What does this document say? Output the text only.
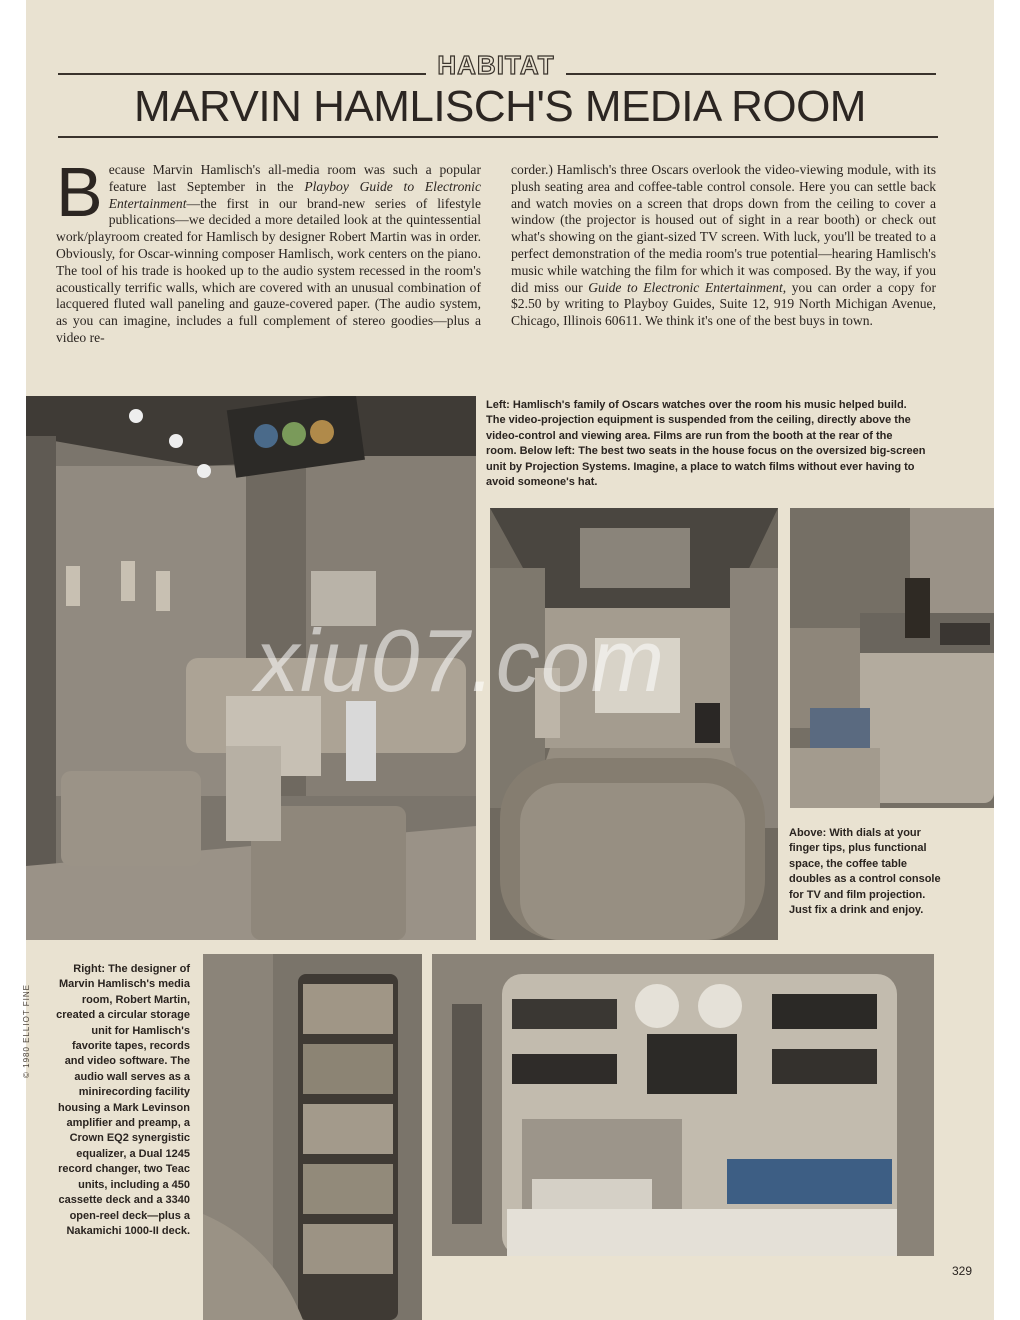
HABITAT
MARVIN HAMLISCH'S MEDIA ROOM

Because Marvin Hamlisch's all-media room was such a popular feature last September in the Playboy Guide to Electronic Entertainment—the first in our brand-new series of lifestyle publications—we decided a more detailed look at the quintessential work/playroom created for Hamlisch by designer Robert Martin was in order. Obviously, for Oscar-winning composer Hamlisch, work centers on the piano. The tool of his trade is hooked up to the audio system recessed in the room's acoustically terrific walls, which are covered with an unusual combination of lacquered fluted wall paneling and gauze-covered paper. (The audio system, as you can imagine, includes a full complement of stereo goodies—plus a video re-

corder.) Hamlisch's three Oscars overlook the video-viewing module, with its plush seating area and coffee-table control console. Here you can settle back and watch movies on a screen that drops down from the ceiling to cover a window (the projector is housed out of sight in a rear booth) or check out what's showing on the giant-sized TV screen. With luck, you'll be treated to a perfect demonstration of the media room's true potential—hearing Hamlisch's music while watching the film for which it was composed. By the way, if you did miss our Guide to Electronic Entertainment, you can order a copy for $2.50 by writing to Playboy Guides, Suite 12, 919 North Michigan Avenue, Chicago, Illinois 60611. We think it's one of the best buys in town.

Left: Hamlisch's family of Oscars watches over the room his music helped build. The video-projection equipment is suspended from the ceiling, directly above the video-control and viewing area. Films are run from the booth at the rear of the room. Below left: The best two seats in the house focus on the oversized big-screen unit by Projection Systems. Imagine, a place to watch films without ever having to avoid someone's hat.

Above: With dials at your finger tips, plus functional space, the coffee table doubles as a control console for TV and film projection. Just fix a drink and enjoy.

© 1980 ELLIOT FINE

Right: The designer of Marvin Hamlisch's media room, Robert Martin, created a circular storage unit for Hamlisch's favorite tapes, records and video software. The audio wall serves as a minirecording facility housing a Mark Levinson amplifier and preamp, a Crown EQ2 synergistic equalizer, a Dual 1245 record changer, two Teac units, including a 450 cassette deck and a 3340 open-reel deck—plus a Nakamichi 1000-II deck.

xiu07.com
329
